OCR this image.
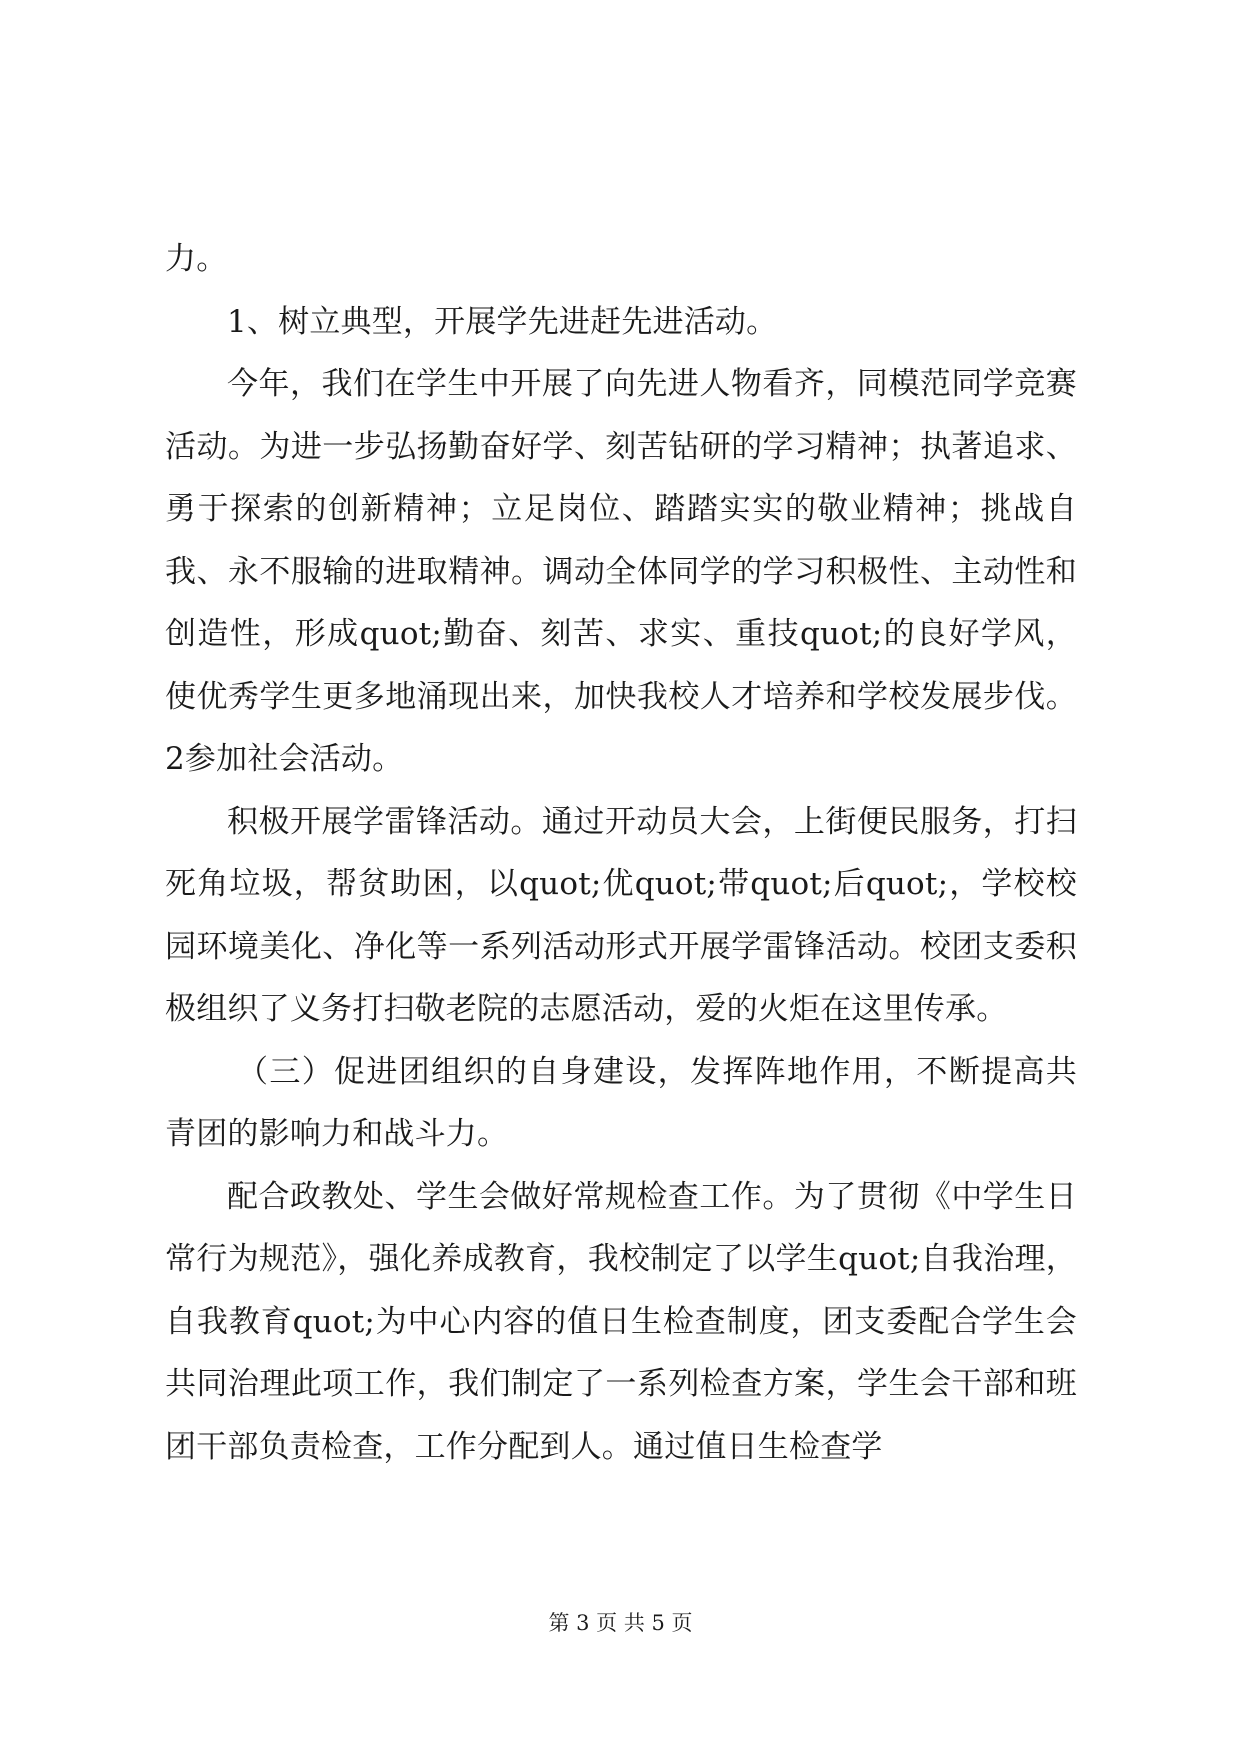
力。

1、树立典型，开展学先进赶先进活动。

今年，我们在学生中开展了向先进人物看齐，同模范同学竞赛活动。为进一步弘扬勤奋好学、刻苦钻研的学习精神；执著追求、勇于探索的创新精神；立足岗位、踏踏实实的敬业精神；挑战自我、永不服输的进取精神。调动全体同学的学习积极性、主动性和创造性，形成quot;勤奋、刻苦、求实、重技quot;的良好学风，使优秀学生更多地涌现出来，加快我校人才培养和学校发展步伐。2参加社会活动。

积极开展学雷锋活动。通过开动员大会，上街便民服务，打扫死角垃圾，帮贫助困，以quot;优quot;带quot;后quot;，学校校园环境美化、净化等一系列活动形式开展学雷锋活动。校团支委积极组织了义务打扫敬老院的志愿活动，爱的火炬在这里传承。

（三）促进团组织的自身建设，发挥阵地作用，不断提高共青团的影响力和战斗力。

配合政教处、学生会做好常规检查工作。为了贯彻《中学生日常行为规范》，强化养成教育，我校制定了以学生quot;自我治理，自我教育quot;为中心内容的值日生检查制度，团支委配合学生会共同治理此项工作，我们制定了一系列检查方案，学生会干部和班团干部负责检查，工作分配到人。通过值日生检查学

第 3 页 共 5 页
